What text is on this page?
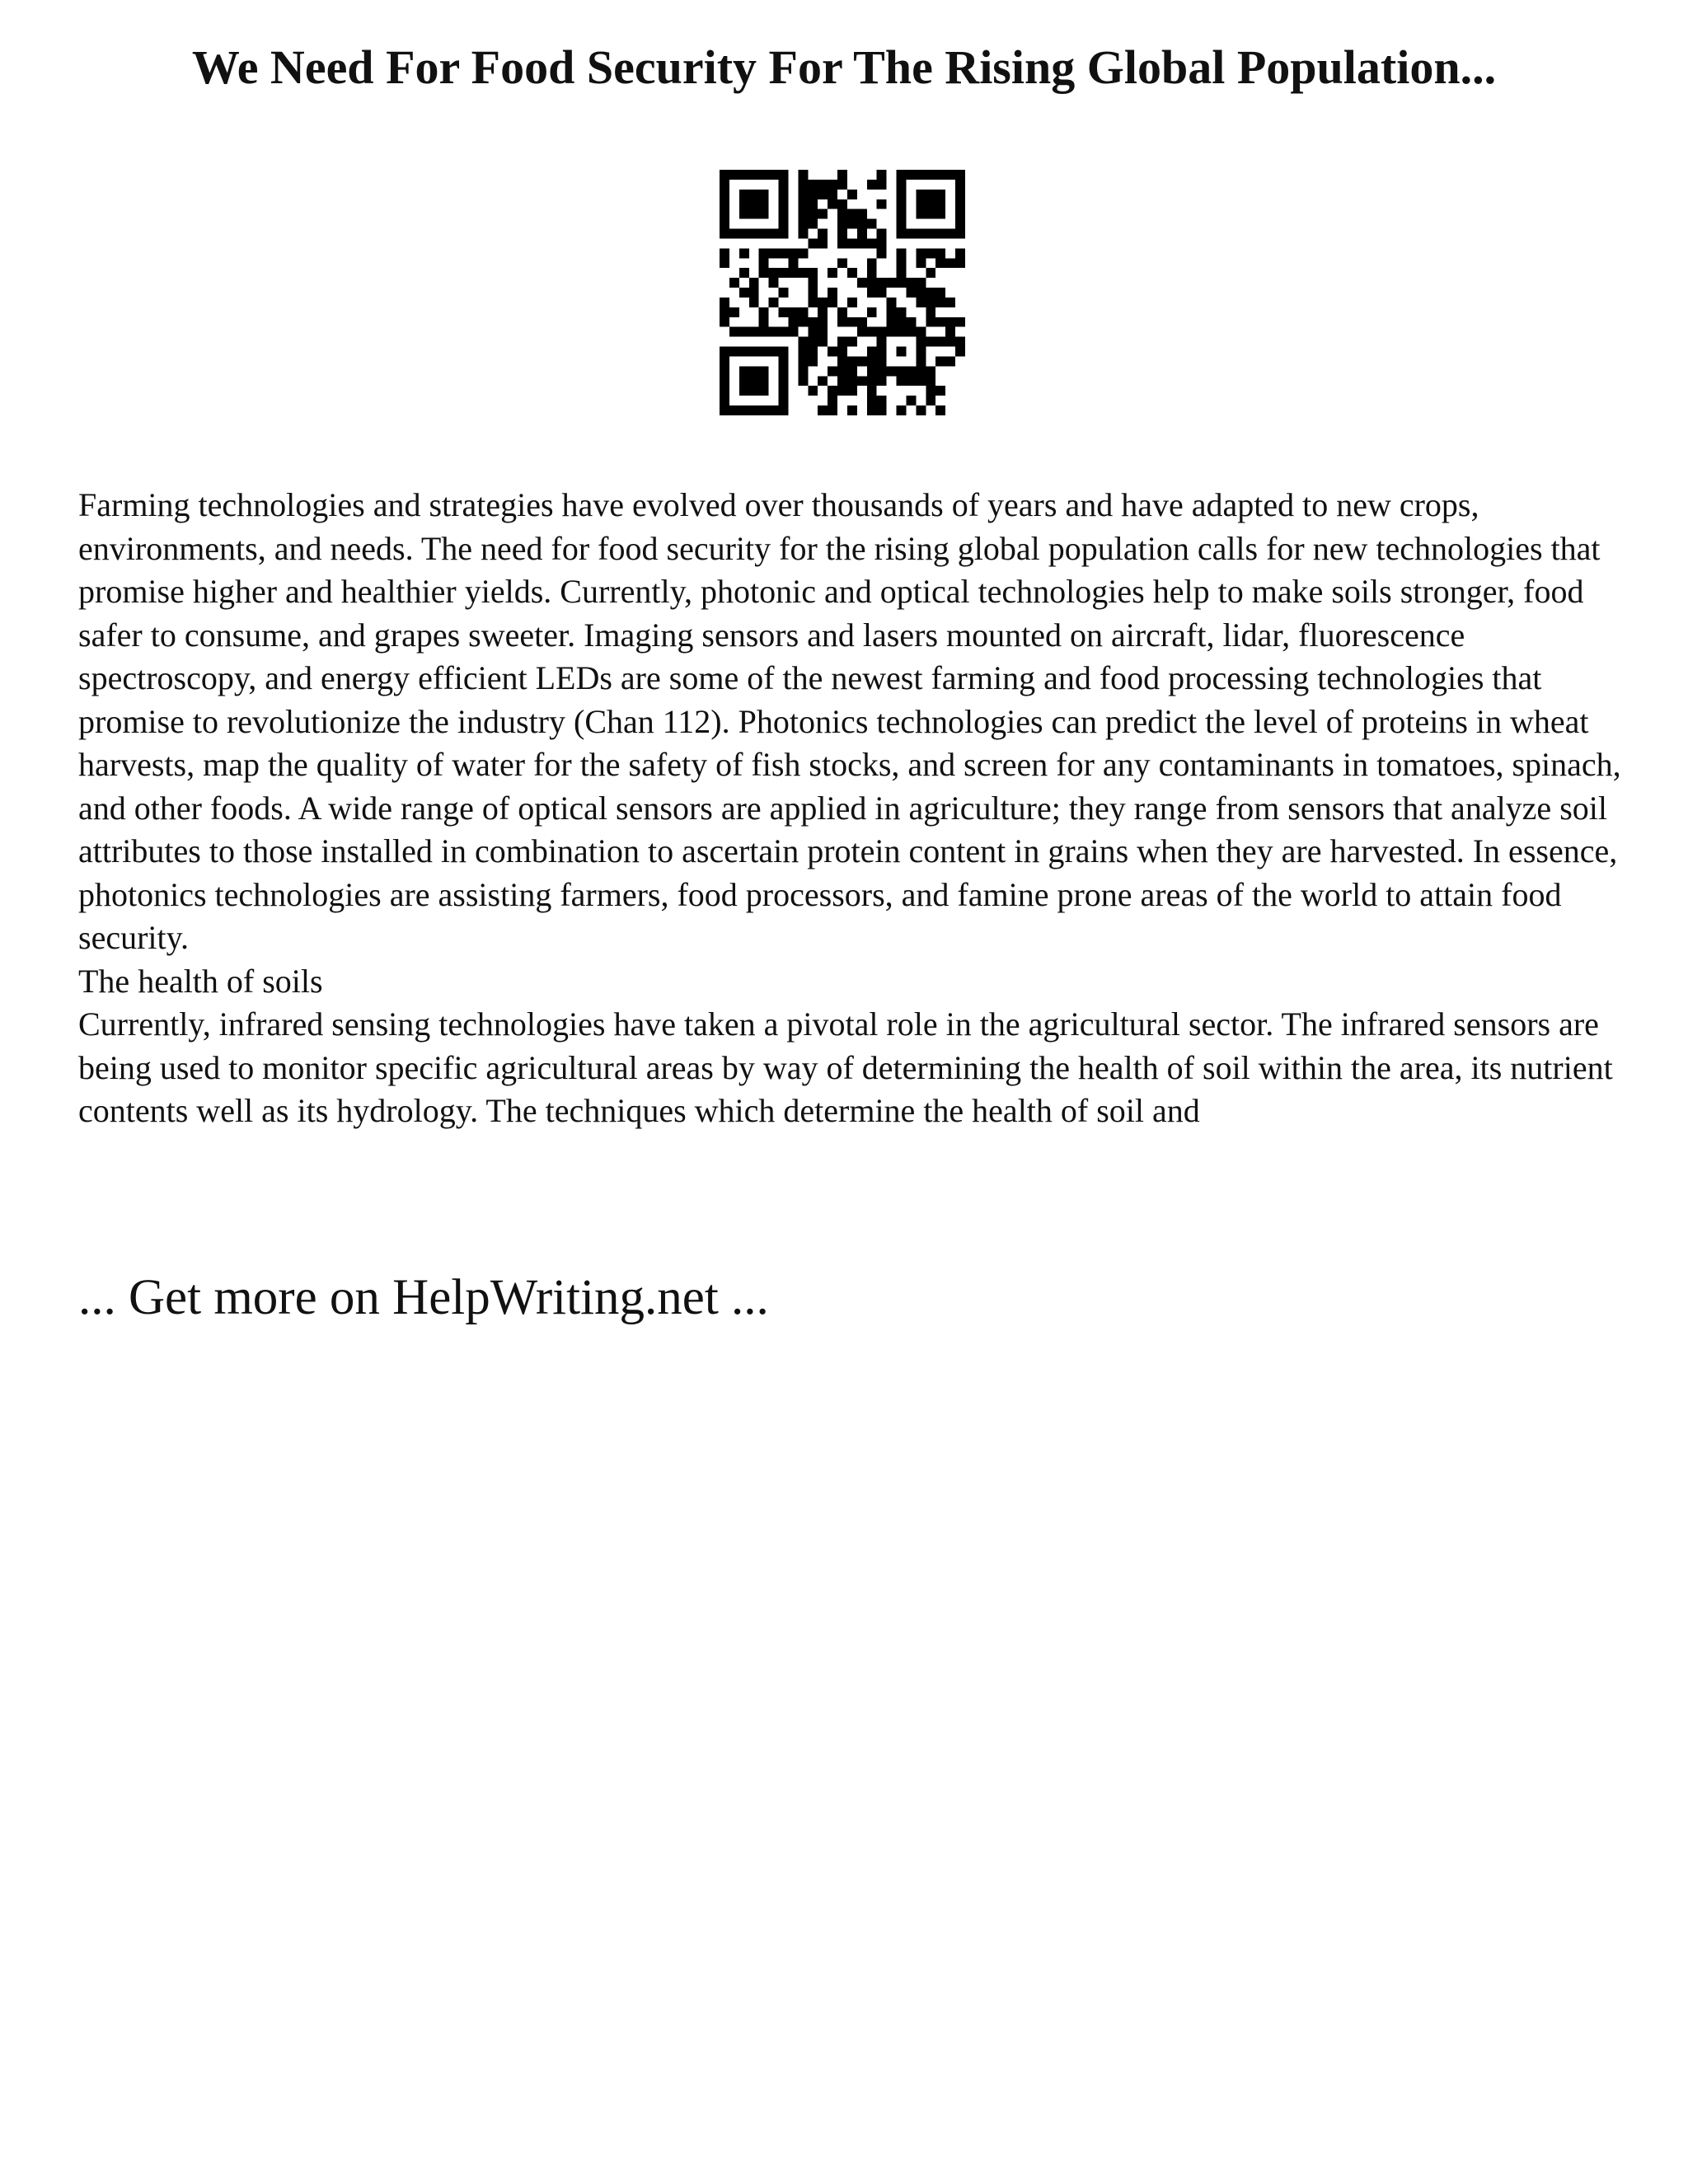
We Need For Food Security For The Rising Global Population...

Farming technologies and strategies have evolved over thousands of years and have adapted to new crops, environments, and needs. The need for food security for the rising global population calls for new technologies that promise higher and healthier yields. Currently, photonic and optical technologies help to make soils stronger, food safer to consume, and grapes sweeter. Imaging sensors and lasers mounted on aircraft, lidar, fluorescence spectroscopy, and energy efficient LEDs are some of the newest farming and food processing technologies that promise to revolutionize the industry (Chan 112). Photonics technologies can predict the level of proteins in wheat harvests, map the quality of water for the safety of fish stocks, and screen for any contaminants in tomatoes, spinach, and other foods. A wide range of optical sensors are applied in agriculture; they range from sensors that analyze soil attributes to those installed in combination to ascertain protein content in grains when they are harvested. In essence, photonics technologies are assisting farmers, food processors, and famine prone areas of the world to attain food security.

The health of soils

Currently, infrared sensing technologies have taken a pivotal role in the agricultural sector. The infrared sensors are being used to monitor specific agricultural areas by way of determining the health of soil within the area, its nutrient contents well as its hydrology. The techniques which determine the health of soil and

... Get more on HelpWriting.net ...
